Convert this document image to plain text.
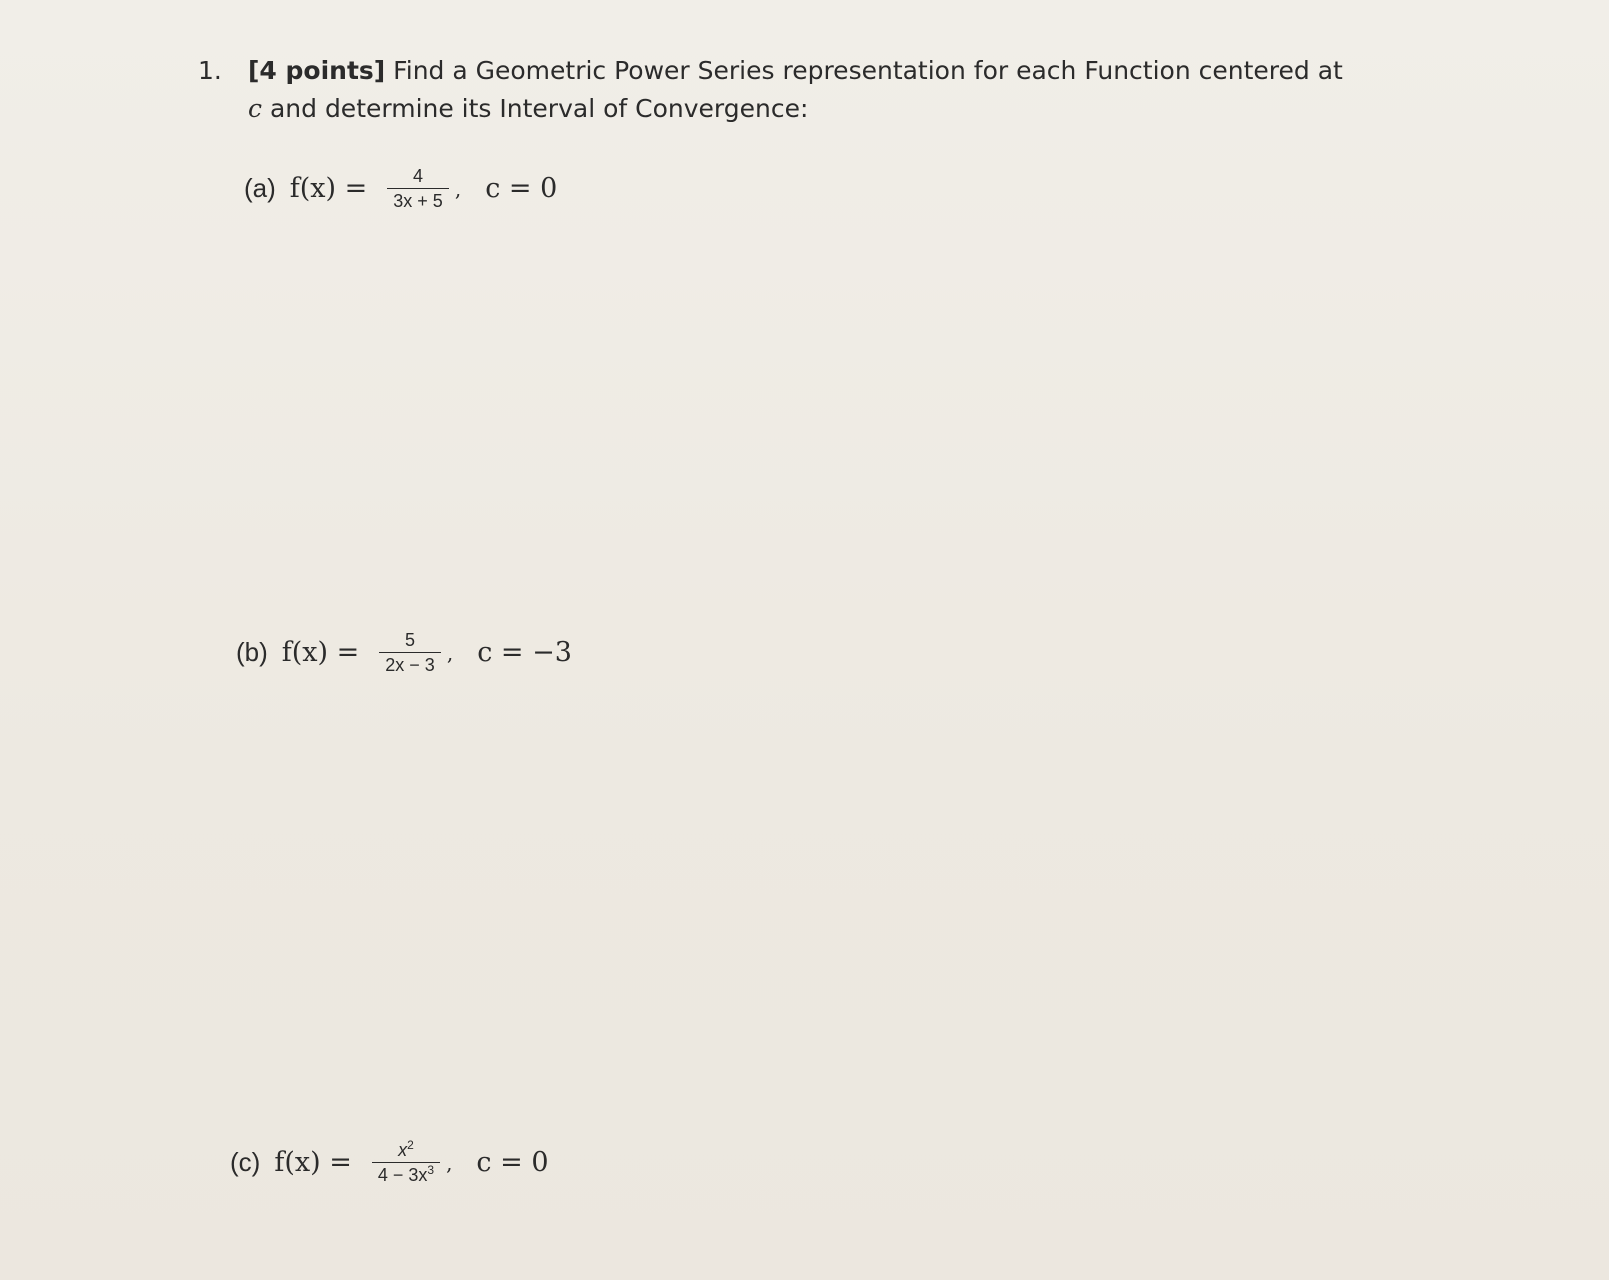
1. [4 points] Find a Geometric Power Series representation for each Function centered at
c and determine its Interval of Convergence:
(a) $f(x) = \frac{4}{3x + 5}$ , c = 0
(b) $f(x) = \frac{5}{2x - 3}$ , c = −3
(c) $f(x) = \frac{x^2}{4 - 3x^3}$ , c = 0
